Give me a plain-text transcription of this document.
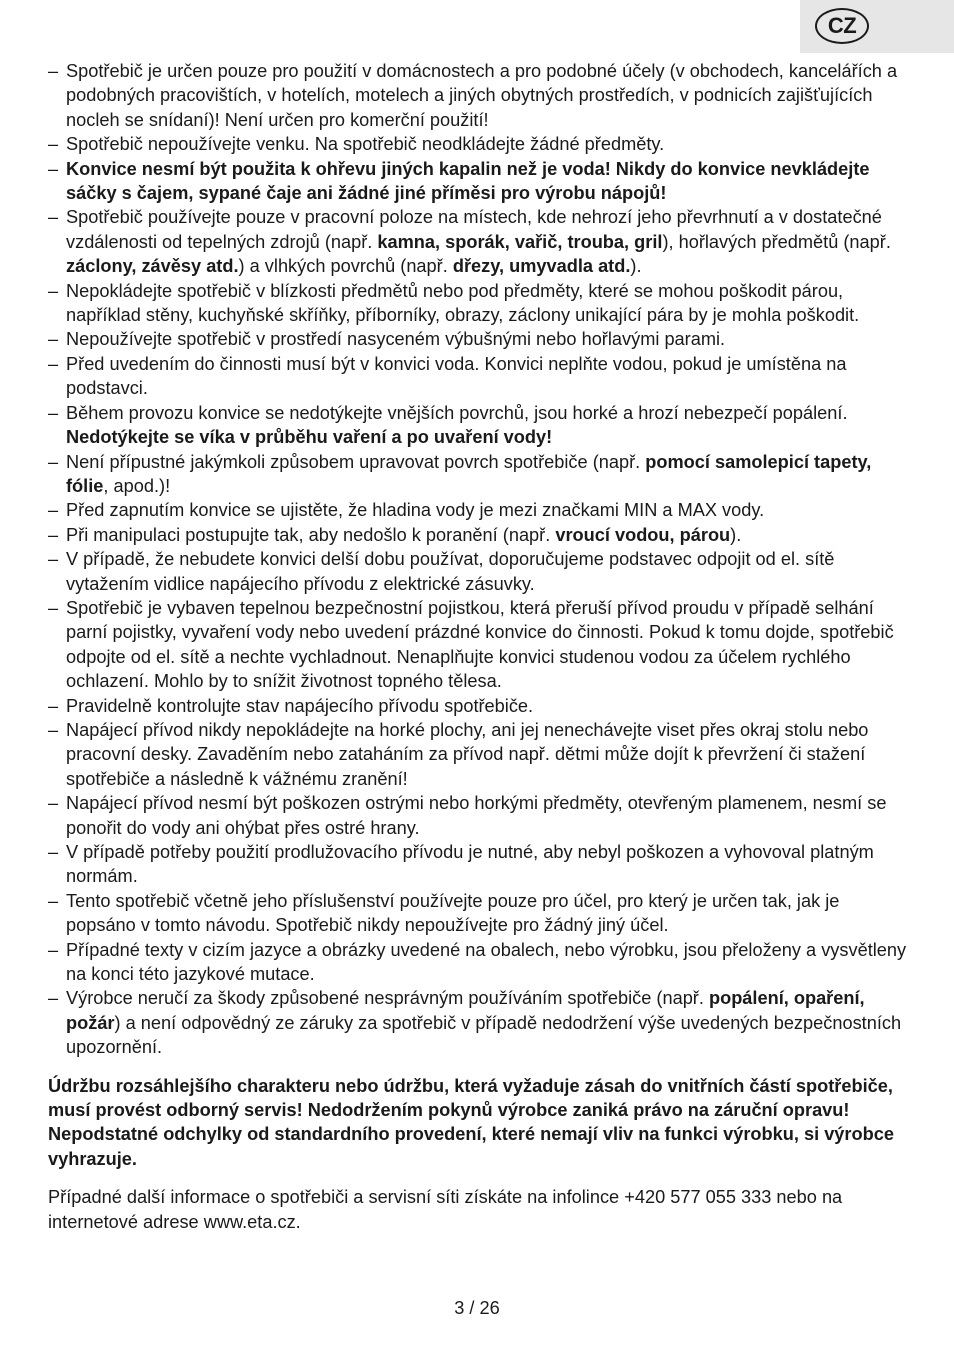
CZ

– Spotřebič je určen pouze pro použití v domácnostech a pro podobné účely (v obchodech, kancelářích a podobných pracovištích, v hotelích, motelech a jiných obytných prostředích, v podnicích zajišťujících nocleh se snídaní)! Není určen pro komerční použití!

– Spotřebič nepoužívejte venku. Na spotřebič neodkládejte žádné předměty.

– Konvice nesmí být použita k ohřevu jiných kapalin než je voda! Nikdy do konvice nevkládejte sáčky s čajem, sypané čaje ani žádné jiné příměsi pro výrobu nápojů!

– Spotřebič používejte pouze v pracovní poloze na místech, kde nehrozí jeho převrhnutí a v dostatečné vzdálenosti od tepelných zdrojů (např. kamna, sporák, vařič, trouba, gril), hořlavých předmětů (např. záclony, závěsy atd.) a vlhkých povrchů (např. dřezy, umyvadla atd.).

– Nepokládejte spotřebič v blízkosti předmětů nebo pod předměty, které se mohou poškodit párou, například stěny, kuchyňské skříňky, příborníky, obrazy, záclony unikající pára by je mohla poškodit.

– Nepoužívejte spotřebič v prostředí nasyceném výbušnými nebo hořlavými parami.

– Před uvedením do činnosti musí být v konvici voda. Konvici neplňte vodou, pokud je umístěna na podstavci.

– Během provozu konvice se nedotýkejte vnějších povrchů, jsou horké a hrozí nebezpečí popálení. Nedotýkejte se víka v průběhu vaření a po uvaření vody!

– Není přípustné jakýmkoli způsobem upravovat povrch spotřebiče (např. pomocí samolepicí tapety, fólie, apod.)!

– Před zapnutím konvice se ujistěte, že hladina vody je mezi značkami MIN a MAX vody.

– Při manipulaci postupujte tak, aby nedošlo k poranění (např. vroucí vodou, párou).

– V případě, že nebudete konvici delší dobu používat, doporučujeme podstavec odpojit od el. sítě vytažením vidlice napájecího přívodu z elektrické zásuvky.

– Spotřebič je vybaven tepelnou bezpečnostní pojistkou, která přeruší přívod proudu v případě selhání parní pojistky, vyvaření vody nebo uvedení prázdné konvice do činnosti. Pokud k tomu dojde, spotřebič odpojte od el. sítě a nechte vychladnout. Nenaplňujte konvici studenou vodou za účelem rychlého ochlazení. Mohlo by to snížit životnost topného tělesa.

– Pravidelně kontrolujte stav napájecího přívodu spotřebiče.

– Napájecí přívod nikdy nepokládejte na horké plochy, ani jej nenechávejte viset přes okraj stolu nebo pracovní desky. Zavaděním nebo zataháním za přívod např. dětmi může dojít k převržení či stažení spotřebiče a následně k vážnému zranění!

– Napájecí přívod nesmí být poškozen ostrými nebo horkými předměty, otevřeným plamenem, nesmí se ponořit do vody ani ohýbat přes ostré hrany.

– V případě potřeby použití prodlužovacího přívodu je nutné, aby nebyl poškozen a vyhovoval platným normám.

– Tento spotřebič včetně jeho příslušenství používejte pouze pro účel, pro který je určen tak, jak je popsáno v tomto návodu. Spotřebič nikdy nepoužívejte pro žádný jiný účel.

– Případné texty v cizím jazyce a obrázky uvedené na obalech, nebo výrobku, jsou přeloženy a vysvětleny na konci této jazykové mutace.

– Výrobce neručí za škody způsobené nesprávným používáním spotřebiče (např. popálení, opaření, požár) a není odpovědný ze záruky za spotřebič v případě nedodržení výše uvedených bezpečnostních upozornění.

Údržbu rozsáhlejšího charakteru nebo údržbu, která vyžaduje zásah do vnitřních částí spotřebiče, musí provést odborný servis! Nedodržením pokynů výrobce zaniká právo na záruční opravu! Nepodstatné odchylky od standardního provedení, které nemají vliv na funkci výrobku, si výrobce vyhrazuje.

Případné další informace o spotřebiči a servisní síti získáte na infolince +420 577 055 333 nebo na internetové adrese www.eta.cz.

3 / 26
